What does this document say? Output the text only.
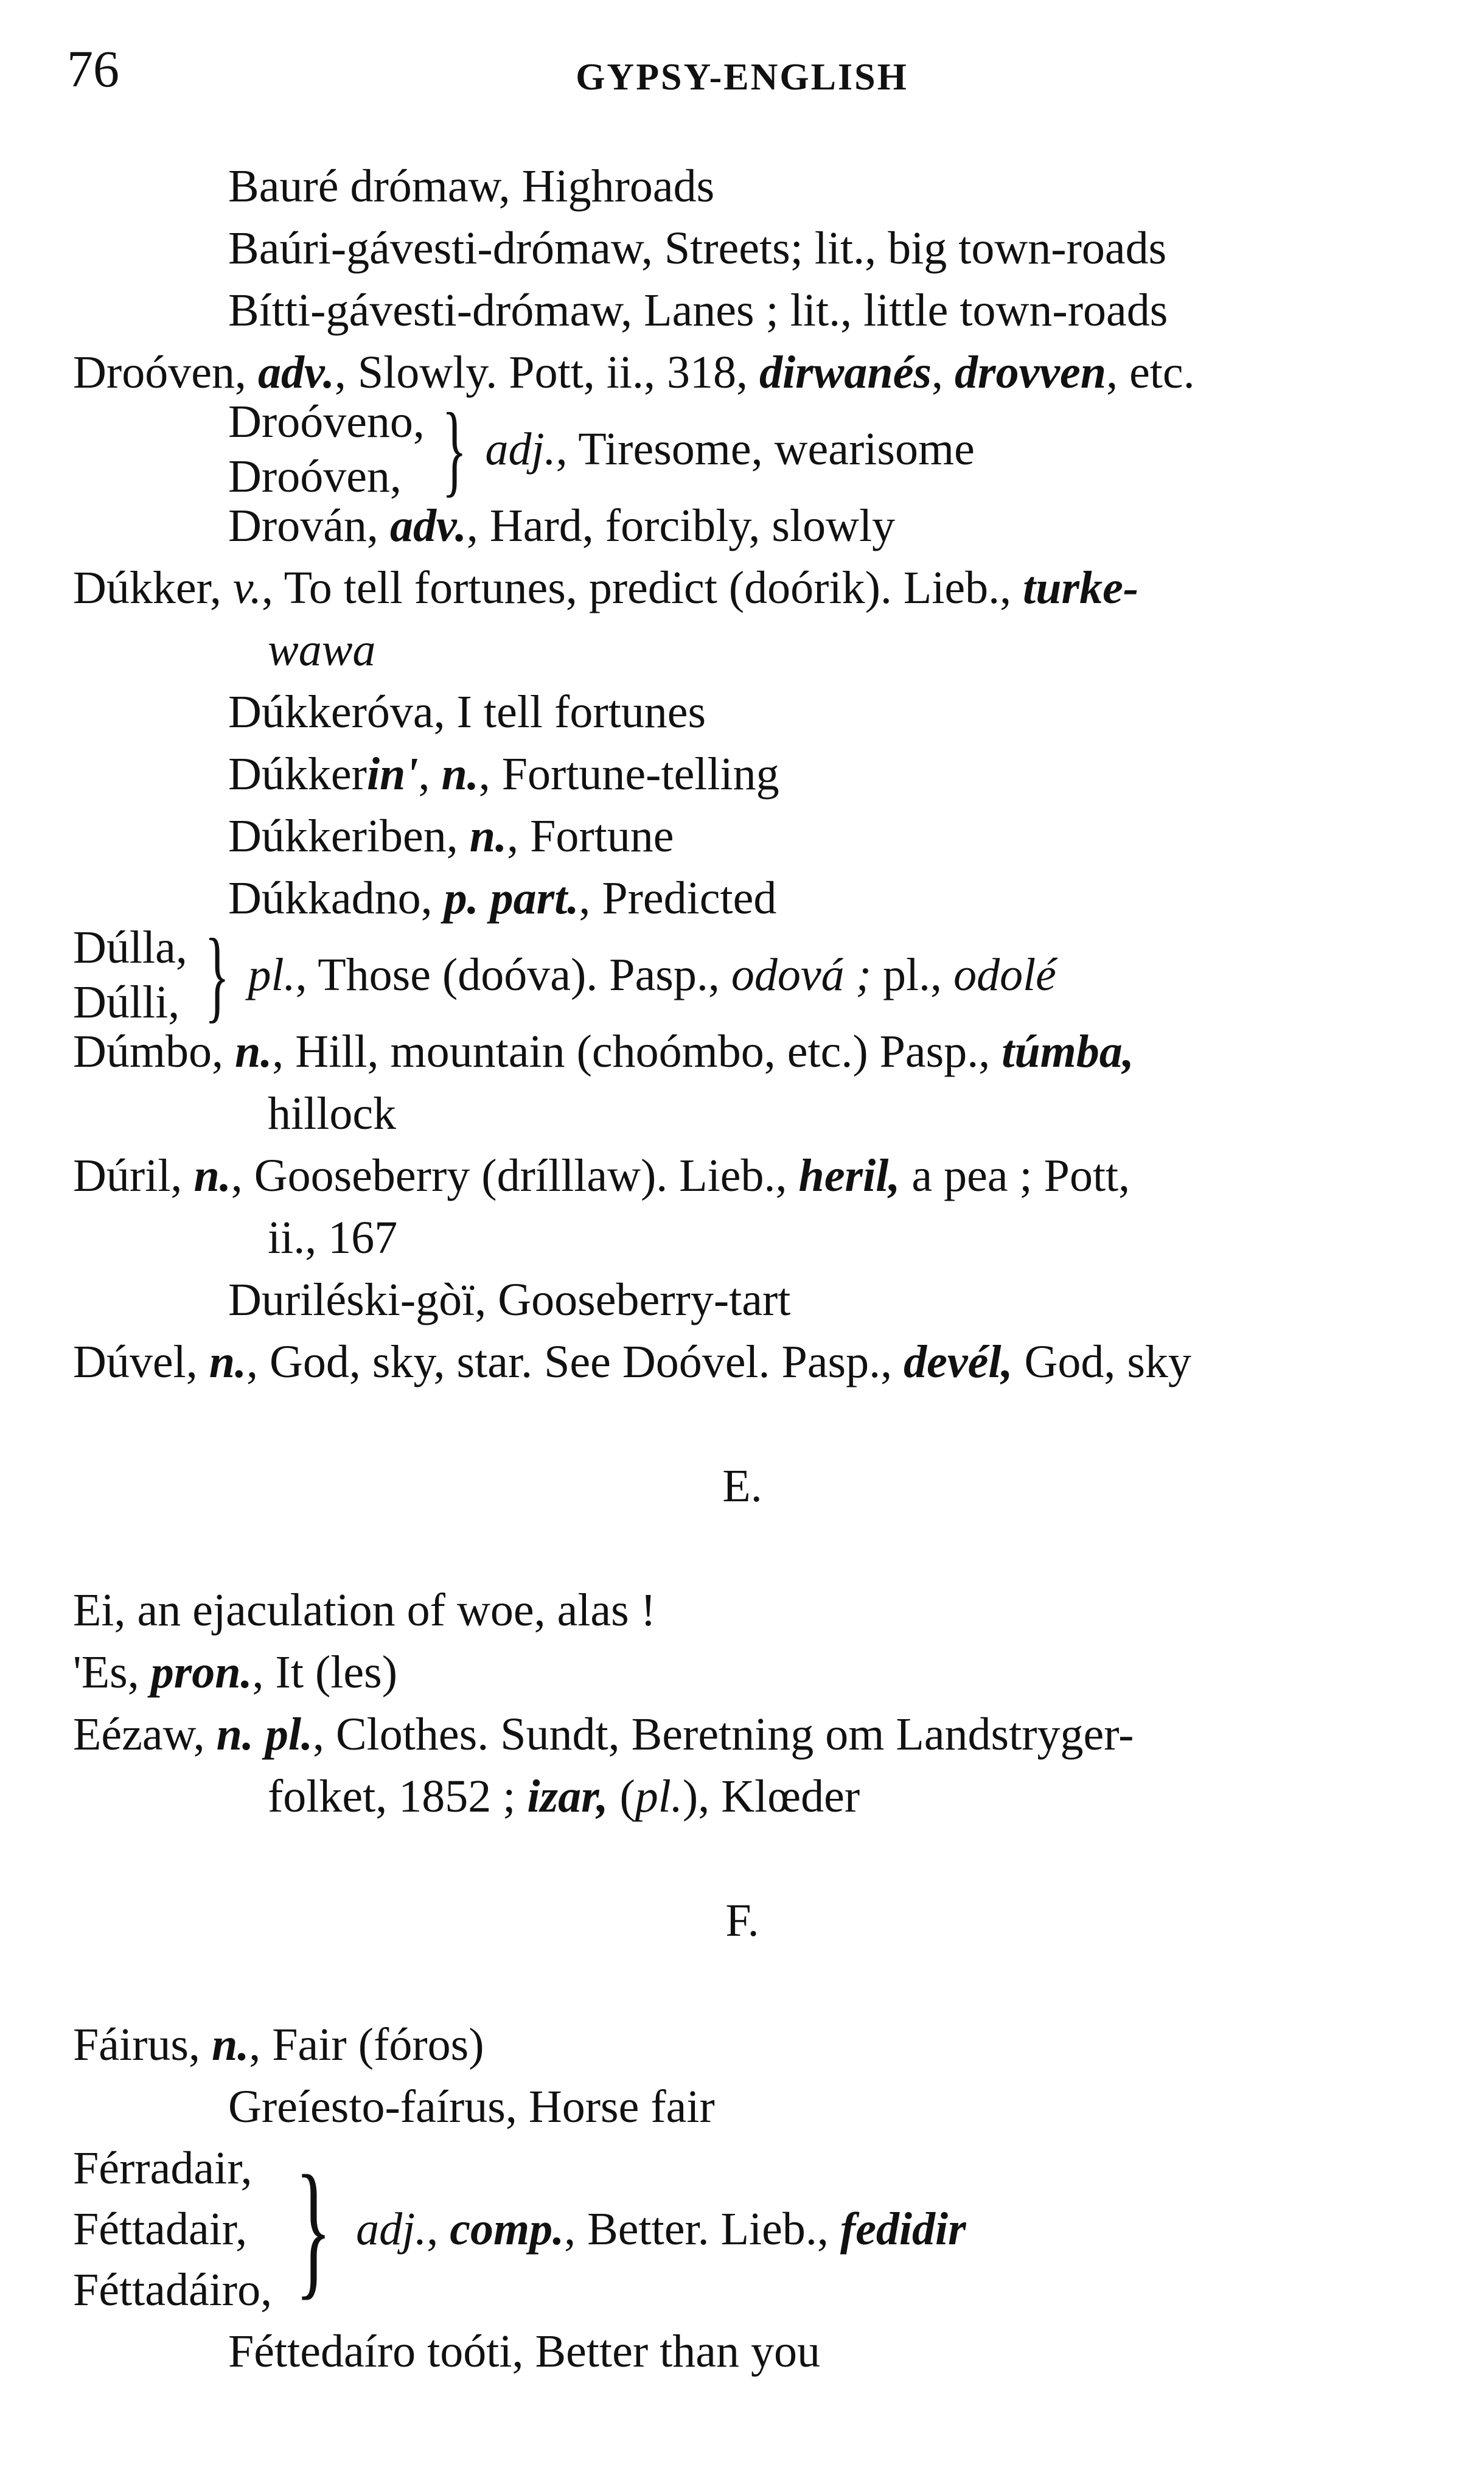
76	GYPSY-ENGLISH
Bauré drómaw, Highroads
Baúri-gávesti-drómaw, Streets; lit., big town-roads
Bítti-gávesti-drómaw, Lanes ; lit., little town-roads
Droóven, adv., Slowly. Pott, ii., 318, dirwanés, drovven, etc.
Droóveno,
Droóven, } adj., Tiresome, wearisome
Drován, adv., Hard, forcibly, slowly
Dúkker, v., To tell fortunes, predict (doórik). Lieb., turke-
wawa
Dúkkeróva, I tell fortunes
Dúkkerin', n., Fortune-telling
Dúkkeriben, n., Fortune
Dúkkadno, p. part., Predicted
Dúlla,
Dúlli, } pl., Those (doóva). Pasp., odová ; pl., odolé
Dúmbo, n., Hill, mountain (choómbo, etc.) Pasp., túmba,
hillock
Dúril, n., Gooseberry (drílllaw). Lieb., heril, a pea ; Pott,
ii., 167
Duriléski-gòï, Gooseberry-tart
Dúvel, n., God, sky, star. See Doóvel. Pasp., devél, God, sky
E.
Ei, an ejaculation of woe, alas !
'Es, pron., It (les)
Eézaw, n. pl., Clothes. Sundt, Beretning om Landstryger-
folket, 1852 ; izar, (pl.), Klœder
F.
Fáirus, n., Fair (fóros)
Greíesto-faírus, Horse fair
Férradair,
Féttadair,
Féttadáiro, } adj., comp., Better. Lieb., fedidir
Féttedaíro toóti, Better than you
